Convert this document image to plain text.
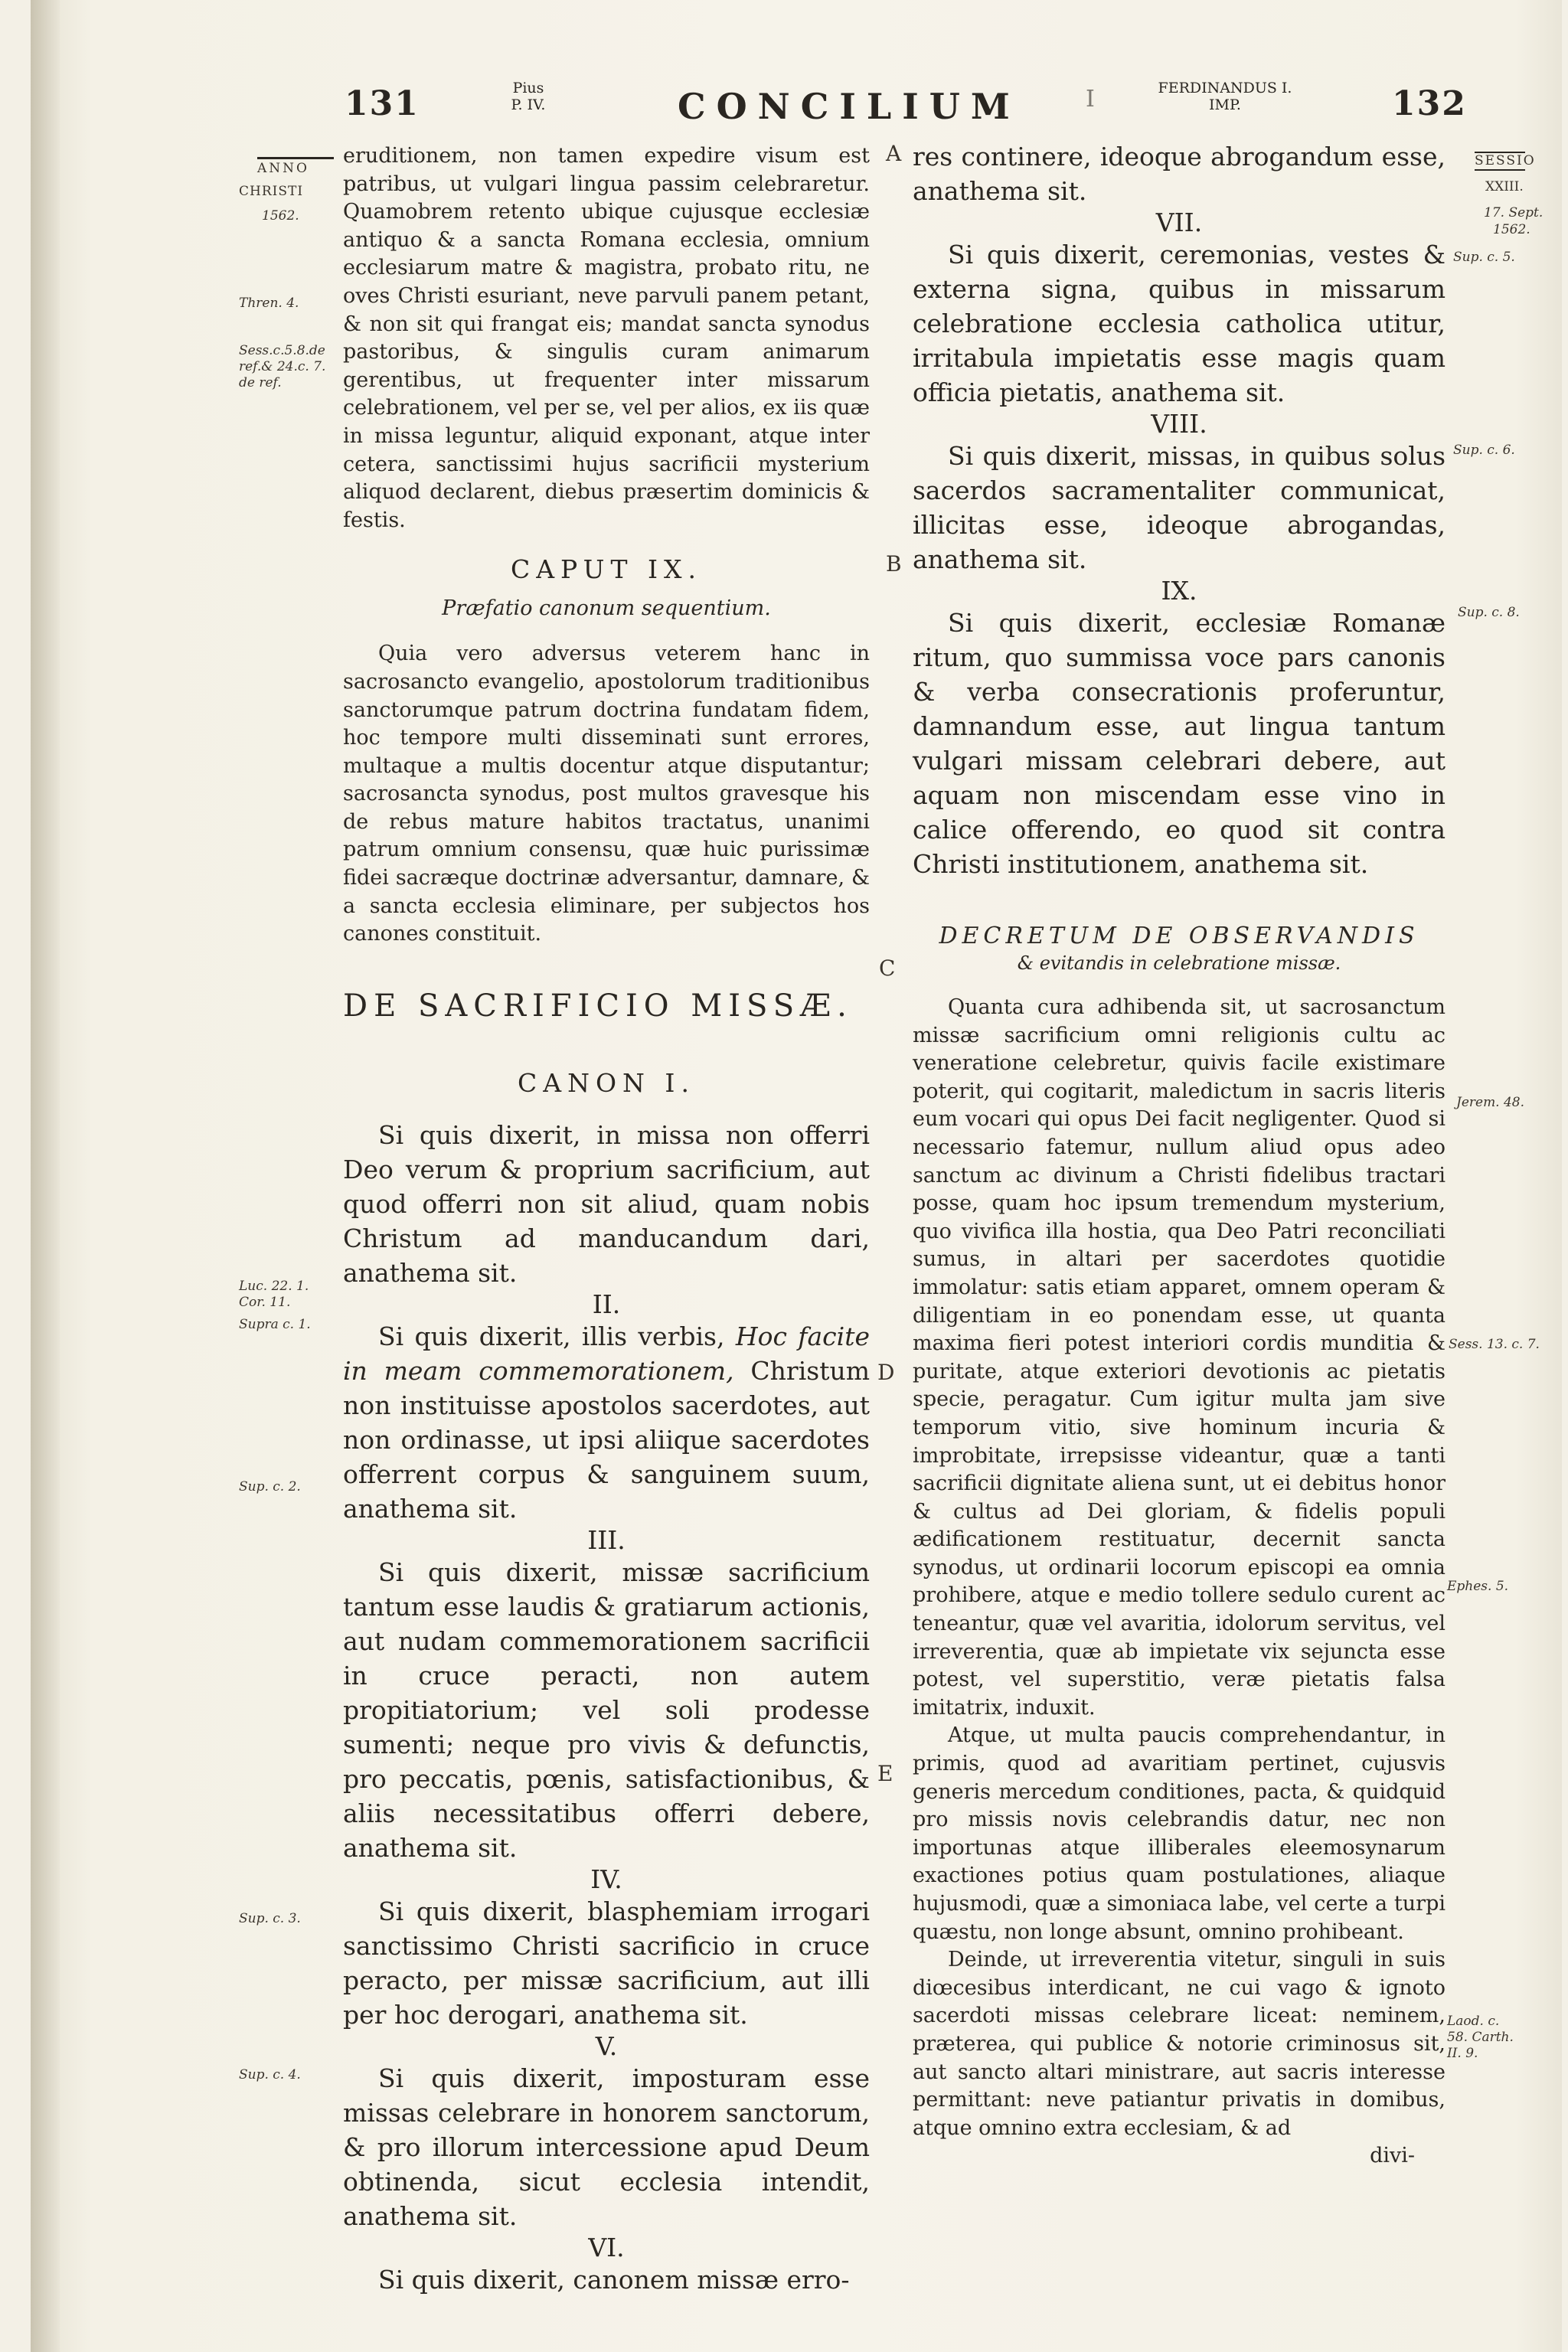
131	Pius
P. IV.	CONCILIUM	FERDINANDUS I.
IMP.	132
I
ANNO
CHRISTI
1562.
Thren. 4.
Sess.c.5.8.de ref.& 24.c. 7. de ref.
Luc. 22. 1. Cor. 11.
Supra c. 1.
Sup. c. 2.
Sup. c. 3.
Sup. c. 4.
SESSIO
XXIII.
17. Sept.
1562.
Sup. c. 5.
Sup. c. 6.
Sup. c. 8.
Jerem. 48.
Sess. 13. c. 7.
Ephes. 5.
Laod. c. 58. Carth. II. 9.
A
B
C
D
E

eruditionem, non tamen expedire visum est patribus, ut vulgari lingua passim celebraretur. Quamobrem retento ubique cujusque ecclesiæ antiquo & a sancta Romana ecclesia, omnium ecclesiarum matre & magistra, probato ritu, ne oves Christi esuriant, neve parvuli panem petant, & non sit qui frangat eis; mandat sancta synodus pastoribus, & singulis curam animarum gerentibus, ut frequenter inter missarum celebrationem, vel per se, vel per alios, ex iis quæ in missa leguntur, aliquid exponant, atque inter cetera, sanctissimi hujus sacrificii mysterium aliquod declarent, diebus præsertim dominicis & festis.

CAPUT IX.
Præfatio canonum sequentium.

Quia vero adversus veterem hanc in sacrosancto evangelio, apostolorum traditionibus sanctorumque patrum doctrina fundatam fidem, hoc tempore multi disseminati sunt errores, multaque a multis docentur atque disputantur; sacrosancta synodus, post multos gravesque his de rebus mature habitos tractatus, unanimi patrum omnium consensu, quæ huic purissimæ fidei sacræque doctrinæ adversantur, damnare, & a sancta ecclesia eliminare, per subjectos hos canones constituit.

DE SACRIFICIO MISSÆ.
CANON I.

Si quis dixerit, in missa non offerri Deo verum & proprium sacrificium, aut quod offerri non sit aliud, quam nobis Christum ad manducandum dari, anathema sit.

II.

Si quis dixerit, illis verbis, Hoc facite in meam commemorationem, Christum non instituisse apostolos sacerdotes, aut non ordinasse, ut ipsi aliique sacerdotes offerrent corpus & sanguinem suum, anathema sit.

III.

Si quis dixerit, missæ sacrificium tantum esse laudis & gratiarum actionis, aut nudam commemorationem sacrificii in cruce peracti, non autem propitiatorium; vel soli prodesse sumenti; neque pro vivis & defunctis, pro peccatis, pœnis, satisfactionibus, & aliis necessitatibus offerri debere, anathema sit.

IV.

Si quis dixerit, blasphemiam irrogari sanctissimo Christi sacrificio in cruce peracto, per missæ sacrificium, aut illi per hoc derogari, anathema sit.

V.

Si quis dixerit, imposturam esse missas celebrare in honorem sanctorum, & pro illorum intercessione apud Deum obtinenda, sicut ecclesia intendit, anathema sit.

VI.

Si quis dixerit, canonem missæ erro-

res continere, ideoque abrogandum esse, anathema sit.

VII.

Si quis dixerit, ceremonias, vestes & externa signa, quibus in missarum celebratione ecclesia catholica utitur, irritabula impietatis esse magis quam officia pietatis, anathema sit.

VIII.

Si quis dixerit, missas, in quibus solus sacerdos sacramentaliter communicat, illicitas esse, ideoque abrogandas, anathema sit.

IX.

Si quis dixerit, ecclesiæ Romanæ ritum, quo summissa voce pars canonis & verba consecrationis proferuntur, damnandum esse, aut lingua tantum vulgari missam celebrari debere, aut aquam non miscendam esse vino in calice offerendo, eo quod sit contra Christi institutionem, anathema sit.

DECRETUM DE OBSERVANDIS
& evitandis in celebratione missæ.

Quanta cura adhibenda sit, ut sacrosanctum missæ sacrificium omni religionis cultu ac veneratione celebretur, quivis facile existimare poterit, qui cogitarit, maledictum in sacris literis eum vocari qui opus Dei facit negligenter. Quod si necessario fatemur, nullum aliud opus adeo sanctum ac divinum a Christi fidelibus tractari posse, quam hoc ipsum tremendum mysterium, quo vivifica illa hostia, qua Deo Patri reconciliati sumus, in altari per sacerdotes quotidie immolatur: satis etiam apparet, omnem operam & diligentiam in eo ponendam esse, ut quanta maxima fieri potest interiori cordis munditia & puritate, atque exteriori devotionis ac pietatis specie, peragatur. Cum igitur multa jam sive temporum vitio, sive hominum incuria & improbitate, irrepsisse videantur, quæ a tanti sacrificii dignitate aliena sunt, ut ei debitus honor & cultus ad Dei gloriam, & fidelis populi ædificationem restituatur, decernit sancta synodus, ut ordinarii locorum episcopi ea omnia prohibere, atque e medio tollere sedulo curent ac teneantur, quæ vel avaritia, idolorum servitus, vel irreverentia, quæ ab impietate vix sejuncta esse potest, vel superstitio, veræ pietatis falsa imitatrix, induxit.

Atque, ut multa paucis comprehendantur, in primis, quod ad avaritiam pertinet, cujusvis generis mercedum conditiones, pacta, & quidquid pro missis novis celebrandis datur, nec non importunas atque illiberales eleemosynarum exactiones potius quam postulationes, aliaque hujusmodi, quæ a simoniaca labe, vel certe a turpi quæstu, non longe absunt, omnino prohibeant.

Deinde, ut irreverentia vitetur, singuli in suis diœcesibus interdicant, ne cui vago & ignoto sacerdoti missas celebrare liceat: neminem, præterea, qui publice & notorie criminosus sit, aut sancto altari ministrare, aut sacris interesse permittant: neve patiantur privatis in domibus, atque omnino extra ecclesiam, & ad

divi-
